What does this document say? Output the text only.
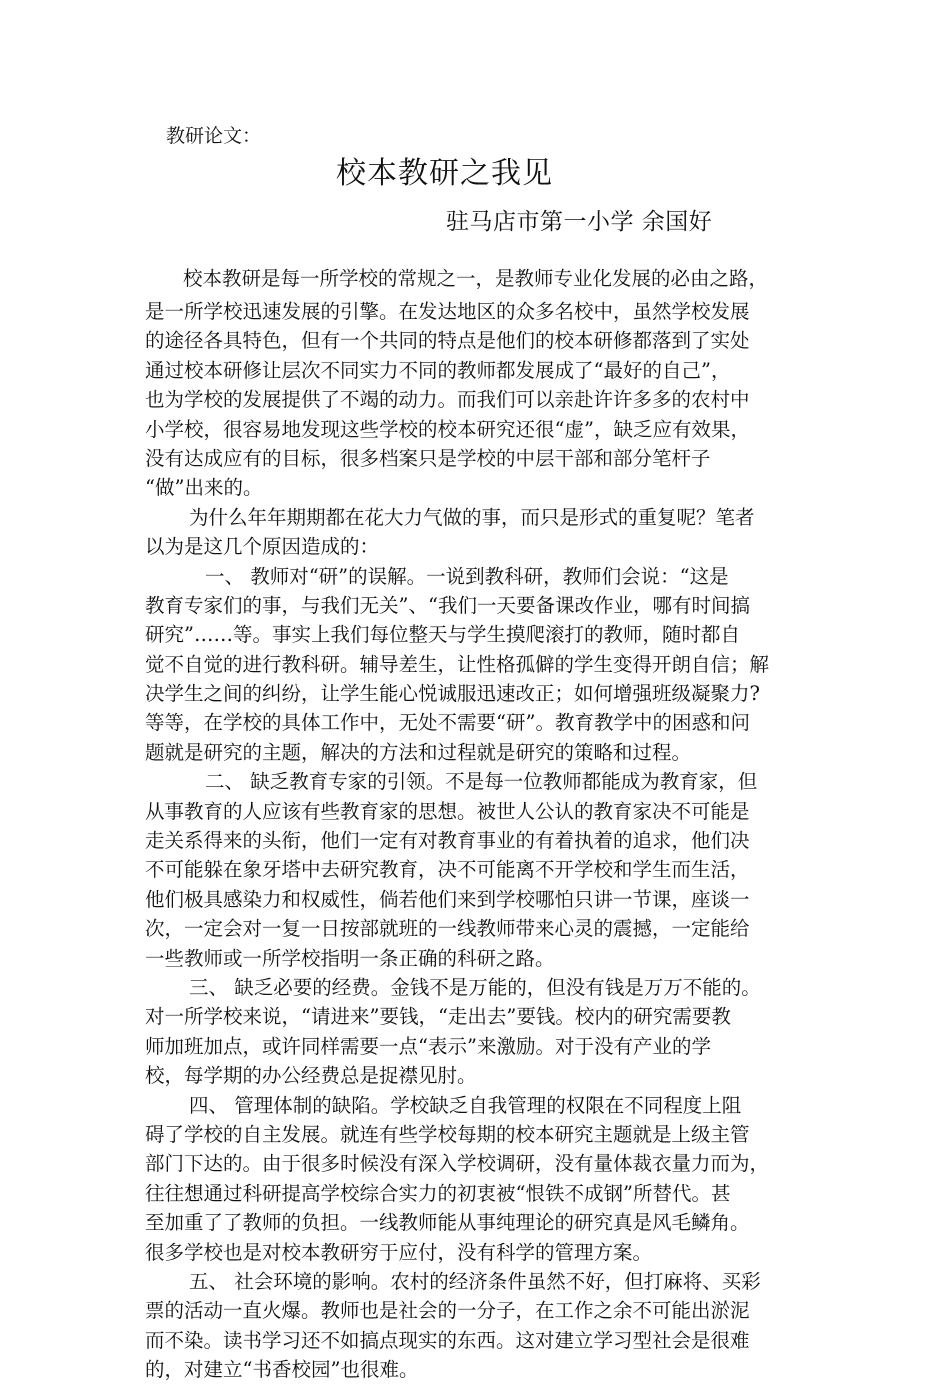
教研论文：
校本教研之我见
驻马店市第一小学 余国好
校本教研是每一所学校的常规之一，是教师专业化发展的必由之路，
是一所学校迅速发展的引擎。在发达地区的众多名校中，虽然学校发展
的途径各具特色，但有一个共同的特点是他们的校本研修都落到了实处
通过校本研修让层次不同实力不同的教师都发展成了“最好的自己”，
也为学校的发展提供了不竭的动力。而我们可以亲赴许许多多的农村中
小学校，很容易地发现这些学校的校本研究还很“虚”，缺乏应有效果，
没有达成应有的目标，很多档案只是学校的中层干部和部分笔杆子
“做”出来的。
为什么年年期期都在花大力气做的事，而只是形式的重复呢？笔者
以为是这几个原因造成的：
一、 教师对“研”的误解。一说到教科研，教师们会说：“这是
教育专家们的事，与我们无关”、“我们一天要备课改作业，哪有时间搞
研究”……等。事实上我们每位整天与学生摸爬滚打的教师，随时都自
觉不自觉的进行教科研。辅导差生，让性格孤僻的学生变得开朗自信；解
决学生之间的纠纷，让学生能心悦诚服迅速改正；如何增强班级凝聚力?
等等，在学校的具体工作中，无处不需要“研”。教育教学中的困惑和问
题就是研究的主题，解决的方法和过程就是研究的策略和过程。
二、 缺乏教育专家的引领。不是每一位教师都能成为教育家，但
从事教育的人应该有些教育家的思想。被世人公认的教育家决不可能是
走关系得来的头衔，他们一定有对教育事业的有着执着的追求，他们决
不可能躲在象牙塔中去研究教育，决不可能离不开学校和学生而生活，
他们极具感染力和权威性，倘若他们来到学校哪怕只讲一节课，座谈一
次，一定会对一复一日按部就班的一线教师带来心灵的震撼，一定能给
一些教师或一所学校指明一条正确的科研之路。
三、 缺乏必要的经费。金钱不是万能的，但没有钱是万万不能的。
对一所学校来说，“请进来”要钱，“走出去”要钱。校内的研究需要教
师加班加点，或许同样需要一点“表示”来激励。对于没有产业的学
校，每学期的办公经费总是捉襟见肘。
四、 管理体制的缺陷。学校缺乏自我管理的权限在不同程度上阻
碍了学校的自主发展。就连有些学校每期的校本研究主题就是上级主管
部门下达的。由于很多时候没有深入学校调研，没有量体裁衣量力而为，
往往想通过科研提高学校综合实力的初衷被“恨铁不成钢”所替代。甚
至加重了了教师的负担。一线教师能从事纯理论的研究真是风毛鳞角。
很多学校也是对校本教研穷于应付，没有科学的管理方案。
五、 社会环境的影响。农村的经济条件虽然不好，但打麻将、买彩
票的活动一直火爆。教师也是社会的一分子，在工作之余不可能出淤泥
而不染。读书学习还不如搞点现实的东西。这对建立学习型社会是很难
的，对建立“书香校园”也很难。
